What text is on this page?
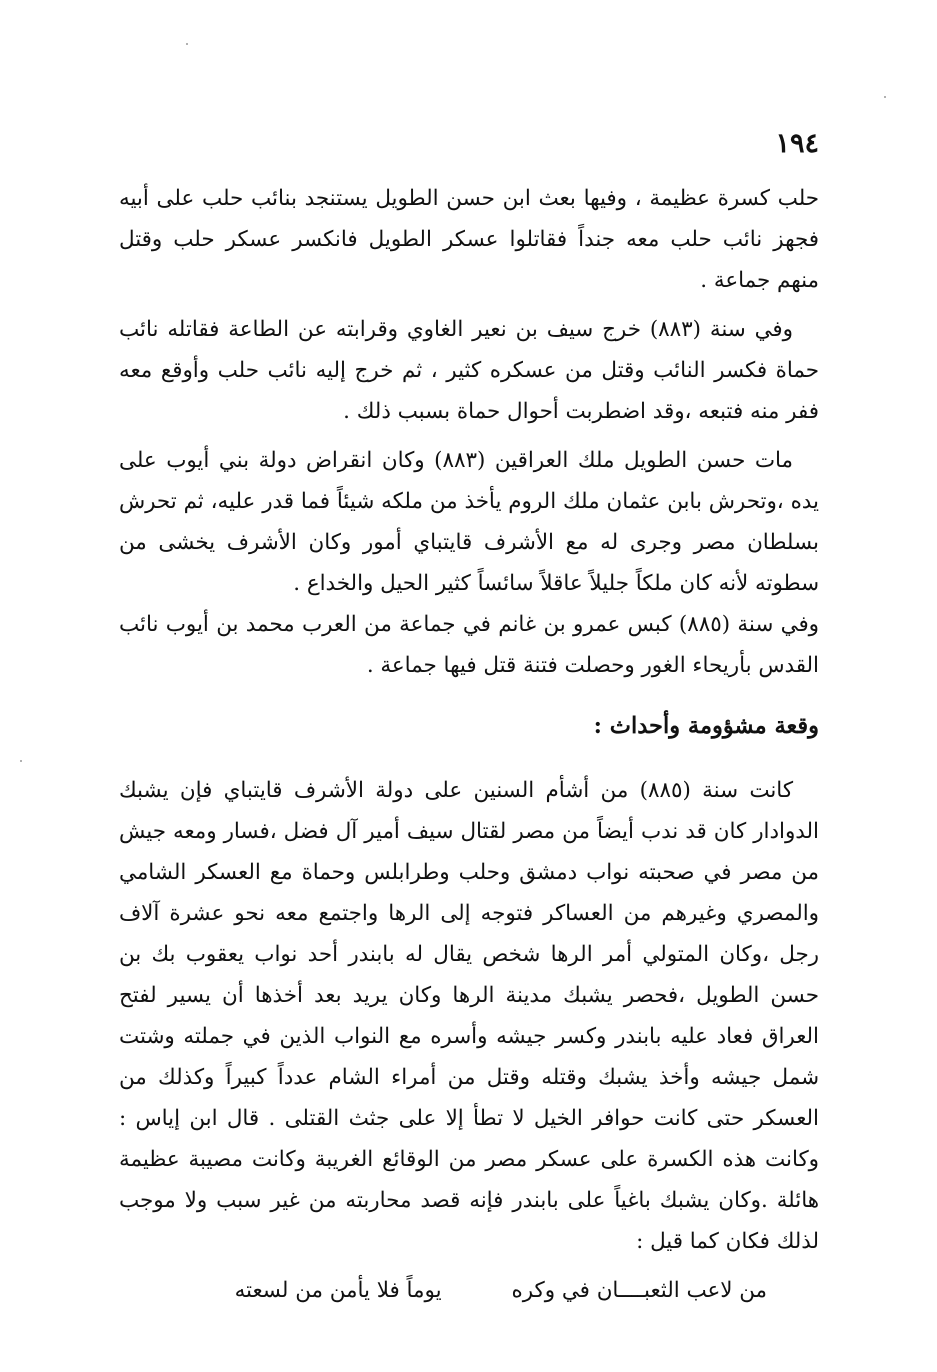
١٩٤

حلب كسرة عظيمة ، وفيها بعث ابن حسن الطويل يستنجد بنائب حلب على أبيه فجهز نائب حلب معه جنداً فقاتلوا عسكر الطويل فانكسر عسكر حلب وقتل منهم جماعة .

وفي سنة (٨٨٣) خرج سيف بن نعير الغاوي وقرابته عن الطاعة فقاتله نائب حماة فكسر النائب وقتل من عسكره كثير ، ثم خرج إليه نائب حلب وأوقع معه ففر منه فتبعه ،وقد اضطربت أحوال حماة بسبب ذلك .

مات حسن الطويل ملك العراقين (٨٨٣) وكان انقراض دولة بني أيوب على يده ،وتحرش بابن عثمان ملك الروم يأخذ من ملكه شيئاً فما قدر عليه، ثم تحرش بسلطان مصر وجرى له مع الأشرف قايتباي أمور وكان الأشرف يخشى من سطوته لأنه كان ملكاً جليلاً عاقلاً سائساً كثير الحيل والخداع .

وفي سنة (٨٨٥) كبس عمرو بن غانم في جماعة من العرب محمد بن أيوب نائب القدس بأريحاء الغور وحصلت فتنة قتل فيها جماعة .

وقعة مشؤومة وأحداث :

كانت سنة (٨٨٥) من أشأم السنين على دولة الأشرف قايتباي فإن يشبك الدوادار كان قد ندب أيضاً من مصر لقتال سيف أمير آل فضل ،فسار ومعه جيش من مصر في صحبته نواب دمشق وحلب وطرابلس وحماة مع العسكر الشامي والمصري وغيرهم من العساكر فتوجه إلى الرها واجتمع معه نحو عشرة آلاف رجل ،وكان المتولي أمر الرها شخص يقال له بابندر أحد نواب يعقوب بك بن حسن الطويل ،فحصر يشبك مدينة الرها وكان يريد بعد أخذها أن يسير لفتح العراق فعاد عليه بابندر وكسر جيشه وأسره مع النواب الذين في جملته وشتت شمل جيشه وأخذ يشبك وقتله وقتل من أمراء الشام عدداً كبيراً وكذلك من العسكر حتى كانت حوافر الخيل لا تطأ إلا على جثث القتلى . قال ابن إياس : وكانت هذه الكسرة على عسكر مصر من الوقائع الغريبة وكانت مصيبة عظيمة هائلة .وكان يشبك باغياً على بابندر فإنه قصد محاربته من غير سبب ولا موجب لذلك فكان كما قيل :

من لاعب الثعبــــان في وكره
يوماً فلا يأمن من لسعته
